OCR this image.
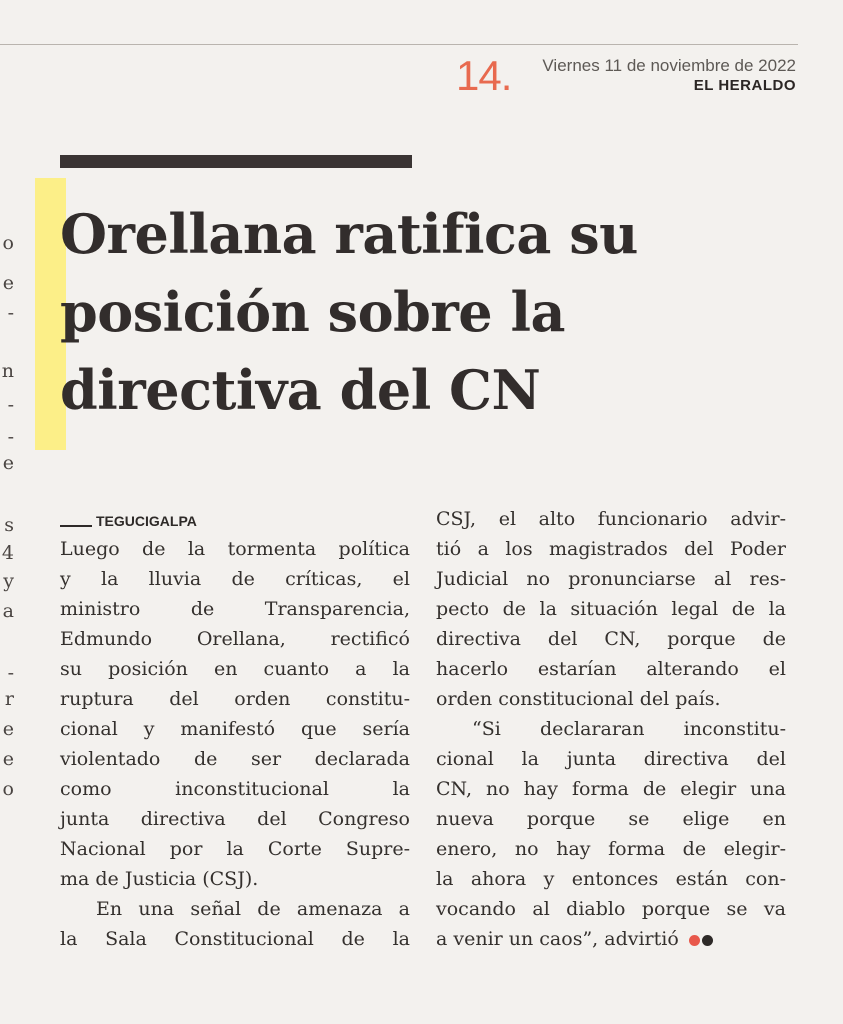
14. Viernes 11 de noviembre de 2022
EL HERALDO
Orellana ratifica su
posición sobre la
directiva del CN
o
e
-
n
-
-
e
s
4
y
a
-
r
e
e
o
TEGUCIGALPA
Luego de la tormenta política
y la lluvia de críticas, el
ministro de Transparencia,
Edmundo Orellana, rectificó
su posición en cuanto a la
ruptura del orden constitu-
cional y manifestó que sería
violentado de ser declarada
como inconstitucional la
junta directiva del Congreso
Nacional por la Corte Supre-
ma de Justicia (CSJ).
En una señal de amenaza a
la Sala Constitucional de la
CSJ, el alto funcionario advir-
tió a los magistrados del Poder
Judicial no pronunciarse al res-
pecto de la situación legal de la
directiva del CN, porque de
hacerlo estarían alterando el
orden constitucional del país.
“Si declararan inconstitu-
cional la junta directiva del
CN, no hay forma de elegir una
nueva porque se elige en
enero, no hay forma de elegir-
la ahora y entonces están con-
vocando al diablo porque se va
a venir un caos”, advirtió
